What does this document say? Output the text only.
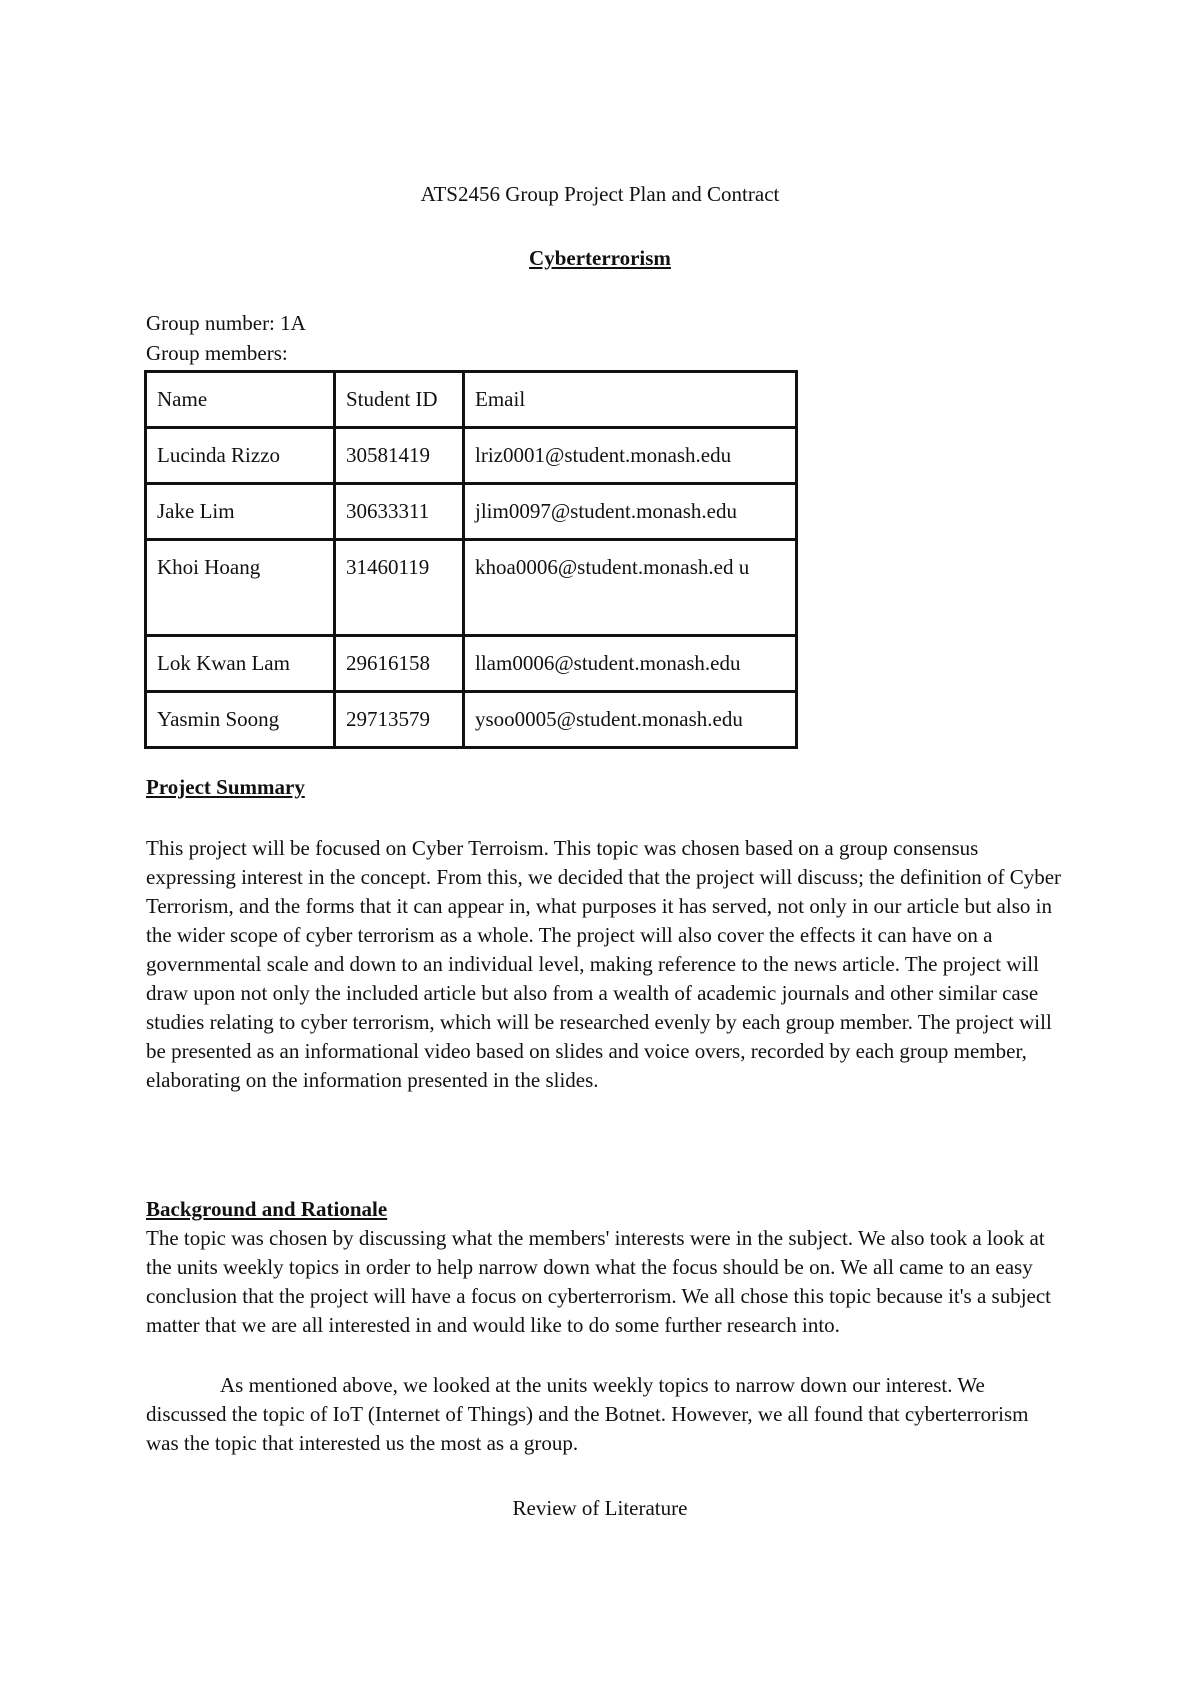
ATS2456 Group Project Plan and Contract
Cyberterrorism
Group number: 1A
Group members:
Name	Student ID	Email
Lucinda Rizzo	30581419	lriz0001@student.monash.edu
Jake Lim	30633311	jlim0097@student.monash.edu
Khoi Hoang	31460119	khoa0006@student.monash.ed u
Lok Kwan Lam	29616158	llam0006@student.monash.edu
Yasmin Soong	29713579	ysoo0005@student.monash.edu
Project Summary

This project will be focused on Cyber Terroism. This topic was chosen based on a group consensus expressing interest in the concept. From this, we decided that the project will discuss; the definition of Cyber Terrorism, and the forms that it can appear in, what purposes it has served, not only in our article but also in the wider scope of cyber terrorism as a whole. The project will also cover the effects it can have on a governmental scale and down to an individual level, making reference to the news article. The project will draw upon not only the included article but also from a wealth of academic journals and other similar case studies relating to cyber terrorism, which will be researched evenly by each group member. The project will be presented as an informational video based on slides and voice overs, recorded by each group member, elaborating on the information presented in the slides.

Background and Rationale

The topic was chosen by discussing what the members' interests were in the subject. We also took a look at the units weekly topics in order to help narrow down what the focus should be on. We all came to an easy conclusion that the project will have a focus on cyberterrorism. We all chose this topic because it's a subject matter that we are all interested in and would like to do some further research into.

As mentioned above, we looked at the units weekly topics to narrow down our interest. We discussed the topic of IoT (Internet of Things) and the Botnet. However, we all found that cyberterrorism was the topic that interested us the most as a group.

Review of Literature
